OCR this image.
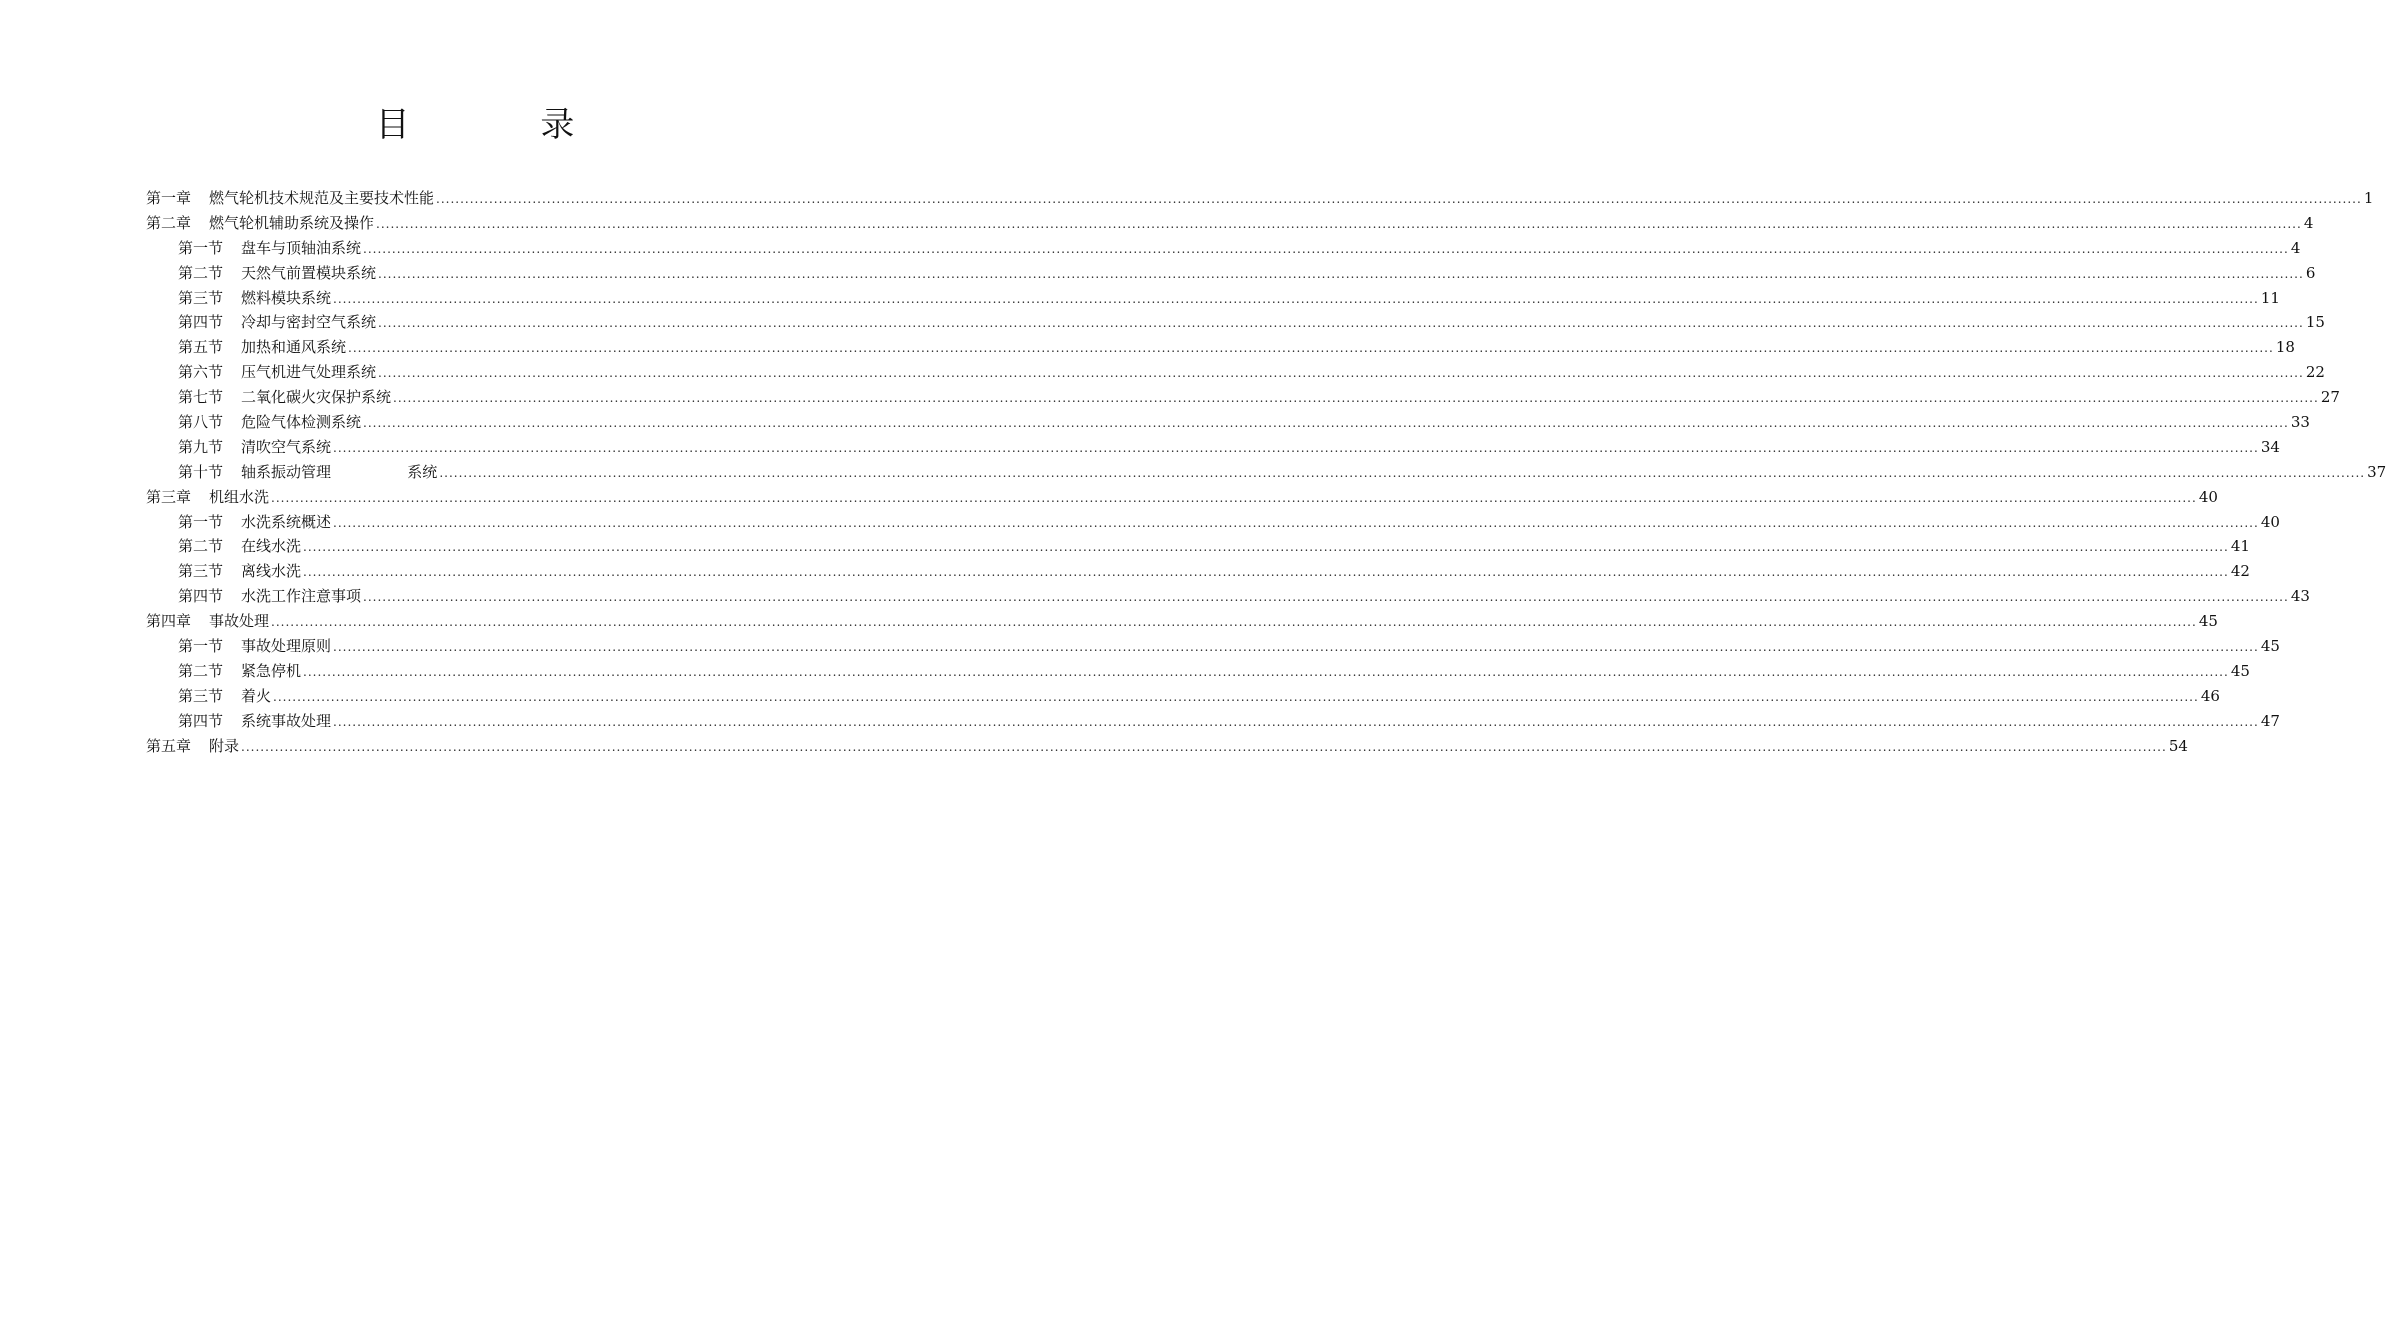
目 录
第一章 燃气轮机技术规范及主要技术性能 ................................................................................................................................................................................................................................................................................................................................................................................................................ 1
第二章 燃气轮机辅助系统及操作 ................................................................................................................................................................................................................................................................................................................................................................................................................ 4
第一节 盘车与顶轴油系统 ................................................................................................................................................................................................................................................................................................................................................................................................................ 4
第二节 天然气前置模块系统 ................................................................................................................................................................................................................................................................................................................................................................................................................ 6
第三节 燃料模块系统 ................................................................................................................................................................................................................................................................................................................................................................................................................ 11
第四节 冷却与密封空气系统 ................................................................................................................................................................................................................................................................................................................................................................................................................ 15
第五节 加热和通风系统 ................................................................................................................................................................................................................................................................................................................................................................................................................ 18
第六节 压气机进气处理系统 ................................................................................................................................................................................................................................................................................................................................................................................................................ 22
第七节 二氧化碳火灾保护系统 ................................................................................................................................................................................................................................................................................................................................................................................................................ 27
第八节 危险气体检测系统 ................................................................................................................................................................................................................................................................................................................................................................................................................ 33
第九节 清吹空气系统 ................................................................................................................................................................................................................................................................................................................................................................................................................ 34
第十节 轴系振动管理                系统 ................................................................................................................................................................................................................................................................................................................................................................................................................ 37
第三章 机组水洗 ................................................................................................................................................................................................................................................................................................................................................................................................................ 40
第一节 水洗系统概述 ................................................................................................................................................................................................................................................................................................................................................................................................................ 40
第二节 在线水洗 ................................................................................................................................................................................................................................................................................................................................................................................................................ 41
第三节 离线水洗 ................................................................................................................................................................................................................................................................................................................................................................................................................ 42
第四节 水洗工作注意事项 ................................................................................................................................................................................................................................................................................................................................................................................................................ 43
第四章 事故处理 ................................................................................................................................................................................................................................................................................................................................................................................................................ 45
第一节 事故处理原则 ................................................................................................................................................................................................................................................................................................................................................................................................................ 45
第二节 紧急停机 ................................................................................................................................................................................................................................................................................................................................................................................................................ 45
第三节 着火 ................................................................................................................................................................................................................................................................................................................................................................................................................ 46
第四节 系统事故处理 ................................................................................................................................................................................................................................................................................................................................................................................................................ 47
第五章 附录 ................................................................................................................................................................................................................................................................................................................................................................................................................ 54
